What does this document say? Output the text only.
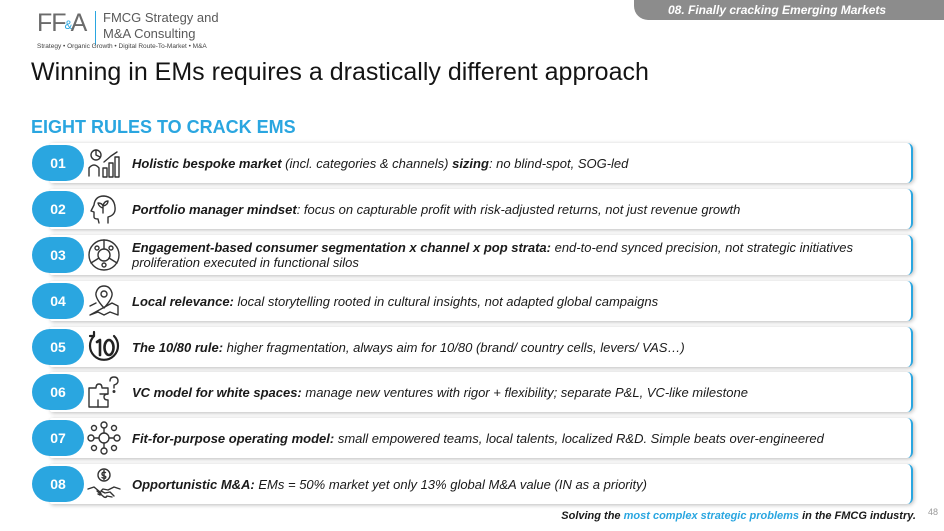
FF&A FMCG Strategy and
M&A Consulting
Strategy • Organic Growth • Digital Route-To-Market • M&A
08. Finally cracking Emerging Markets
Winning in EMs requires a drastically different approach
EIGHT RULES TO CRACK EMS
01	Holistic bespoke market (incl. categories & channels) sizing: no blind-spot, SOG-led
02	Portfolio manager mindset: focus on capturable profit with risk-adjusted returns, not just revenue growth
03	Engagement-based consumer segmentation x channel x pop strata: end-to-end synced precision, not strategic initiatives proliferation executed in functional silos
04	Local relevance: local storytelling rooted in cultural insights, not adapted global campaigns
05	The 10/80 rule: higher fragmentation, always aim for 10/80 (brand/ country cells, levers/ VAS…)
06	VC model for white spaces: manage new ventures with rigor + flexibility; separate P&L, VC-like milestone
07	Fit-for-purpose operating model: small empowered teams, local talents, localized R&D. Simple beats over-engineered
08	Opportunistic M&A: EMs = 50% market yet only 13% global M&A value (IN as a priority)
Solving the most complex strategic problems in the FMCG industry. 48
